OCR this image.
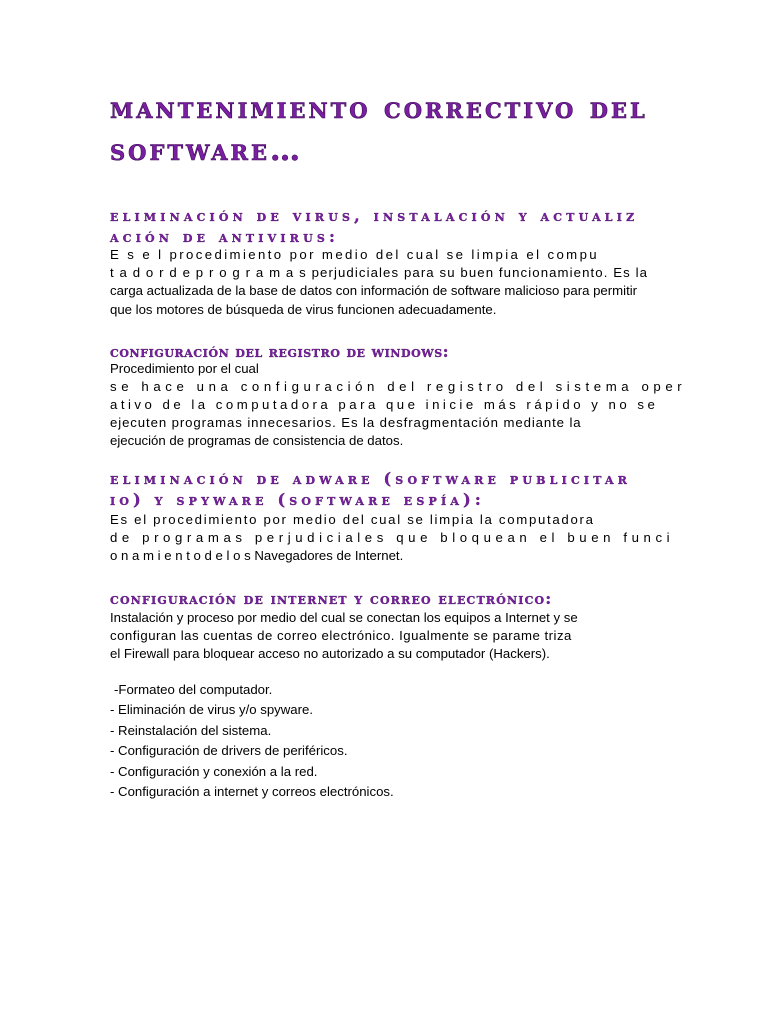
mantenimiento correctivo del software…
eliminación de virus, instalación y actualiz ación de antivirus:

E s e l procedimiento por medio del cual se limpia el compu

t a d o r d e p r o g r a m a s perjudiciales para su buen funcionamiento. Es la

carga actualizada de la base de datos con información de software malicioso para permitir que los motores de búsqueda de virus funcionen adecuadamente.

configuración del registro de windows:

Procedimiento por el cual

se hace una configuración del registro del sistema oper

ativo de la computadora para que inicie más rápido y no se

ejecuten programas innecesarios. Es la desfragmentación mediante la

ejecución de programas de consistencia de datos.

eliminación de adware (software publicitar io) y spyware (software espía):

Es el procedimiento por medio del cual se limpia la computadora

de programas perjudiciales que bloquean el buen funci

o n a m i e n t o d e l o s Navegadores de Internet.

configuración de internet y correo electrónico:

Instalación y proceso por medio del cual se conectan los equipos a Internet y se

configuran las cuentas de correo electrónico. Igualmente se parame triza

el Firewall para bloquear acceso no autorizado a su computador (Hackers).

-Formateo del computador.
- Eliminación de virus y/o spyware.
- Reinstalación del sistema.
- Configuración de drivers de periféricos.
- Configuración y conexión a la red.
- Configuración a internet y correos electrónicos.
